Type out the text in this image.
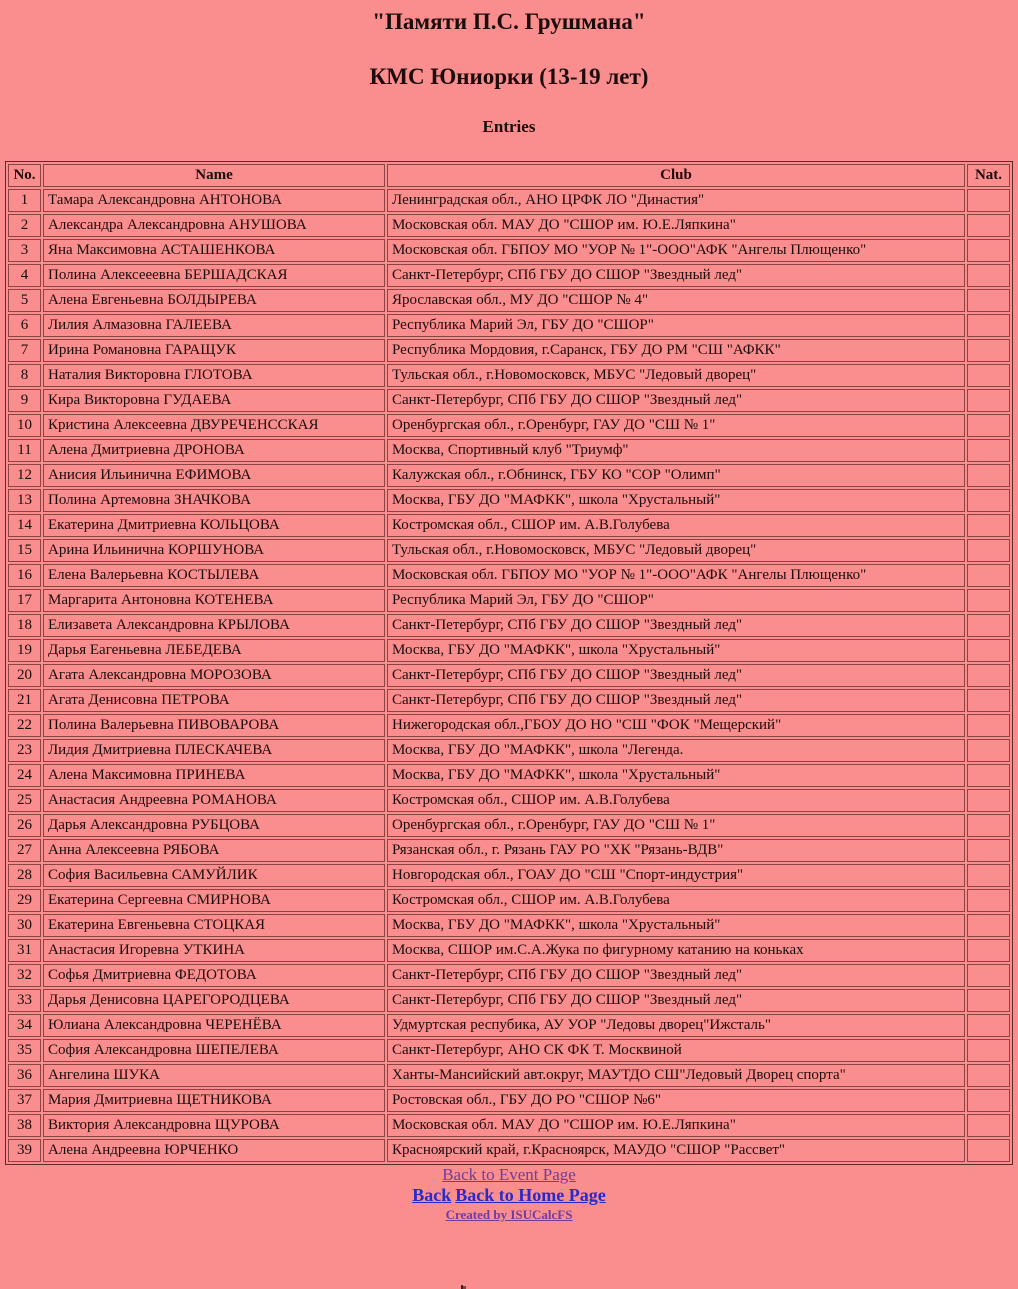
"Памяти П.С. Грушмана"
КМС Юниорки (13-19 лет)
Entries
No.	Name	Club	Nat.
1	Тамара Александровна АНТОНОВА	Ленинградская обл., АНО ЦРФК ЛО "Династия"	
2	Александра Александровна АНУШОВА	Московская обл. МАУ ДО "СШОР им. Ю.Е.Ляпкина"	
3	Яна Максимовна АСТАШЕНКОВА	Московская обл. ГБПОУ МО "УОР № 1"-ООО"АФК "Ангелы Плющенко"	
4	Полина Алексееевна БЕРШАДСКАЯ	Санкт-Петербург, СПб ГБУ ДО СШОР "Звездный лед"	
5	Алена Евгеньевна БОЛДЫРЕВА	Ярославская обл., МУ ДО "СШОР № 4"	
6	Лилия Алмазовна ГАЛЕЕВА	Республика Марий Эл, ГБУ ДО "СШОР"	
7	Ирина Романовна ГАРАЩУК	Республика Мордовия, г.Саранск, ГБУ ДО РМ "СШ "АФКК"	
8	Наталия Викторовна ГЛОТОВА	Тульская обл., г.Новомосковск, МБУС "Ледовый дворец"	
9	Кира Викторовна ГУДАЕВА	Санкт-Петербург, СПб ГБУ ДО СШОР "Звездный лед"	
10	Кристина Алексеевна ДВУРЕЧЕНССКАЯ	Оренбургская обл., г.Оренбург, ГАУ ДО "СШ № 1"	
11	Алена Дмитриевна ДРОНОВА	Москва, Спортивный клуб "Триумф"	
12	Анисия Ильинична ЕФИМОВА	Калужская обл., г.Обнинск, ГБУ КО "СОР "Олимп"	
13	Полина Артемовна ЗНАЧКОВА	Москва, ГБУ ДО "МАФКК", школа "Хрустальный"	
14	Екатерина Дмитриевна КОЛЬЦОВА	Костромская обл., СШОР им. А.В.Голубева	
15	Арина Ильинична КОРШУНОВА	Тульская обл., г.Новомосковск, МБУС "Ледовый дворец"	
16	Елена Валерьевна КОСТЫЛЕВА	Московская обл. ГБПОУ МО "УОР № 1"-ООО"АФК "Ангелы Плющенко"	
17	Маргарита Антоновна КОТЕНЕВА	Республика Марий Эл, ГБУ ДО "СШОР"	
18	Елизавета Александровна КРЫЛОВА	Санкт-Петербург, СПб ГБУ ДО СШОР "Звездный лед"	
19	Дарья Еагеньевна ЛЕБЕДЕВА	Москва, ГБУ ДО "МАФКК", школа "Хрустальный"	
20	Агата Александровна МОРОЗОВА	Санкт-Петербург, СПб ГБУ ДО СШОР "Звездный лед"	
21	Агата Денисовна ПЕТРОВА	Санкт-Петербург, СПб ГБУ ДО СШОР "Звездный лед"	
22	Полина Валерьевна ПИВОВАРОВА	Нижегородская обл.,ГБОУ ДО НО "СШ "ФОК "Мещерский"	
23	Лидия Дмитриевна ПЛЕСКАЧЕВА	Москва, ГБУ ДО "МАФКК", школа "Легенда.	
24	Алена Максимовна ПРИНЕВА	Москва, ГБУ ДО "МАФКК", школа "Хрустальный"	
25	Анастасия Андреевна РОМАНОВА	Костромская обл., СШОР им. А.В.Голубева	
26	Дарья Александровна РУБЦОВА	Оренбургская обл., г.Оренбург, ГАУ ДО "СШ № 1"	
27	Анна Алексеевна РЯБОВА	Рязанская обл., г. Рязань ГАУ РО "ХК "Рязань-ВДВ"	
28	София Васильевна САМУЙЛИК	Новгородская обл., ГОАУ ДО "СШ "Спорт-индустрия"	
29	Екатерина Сергеевна СМИРНОВА	Костромская обл., СШОР им. А.В.Голубева	
30	Екатерина Евгеньевна СТОЦКАЯ	Москва, ГБУ ДО "МАФКК", школа "Хрустальный"	
31	Анастасия Игоревна УТКИНА	Москва, СШОР им.С.А.Жука по фигурному катанию на коньках	
32	Софья Дмитриевна ФЕДОТОВА	Санкт-Петербург, СПб ГБУ ДО СШОР "Звездный лед"	
33	Дарья Денисовна ЦАРЕГОРОДЦЕВА	Санкт-Петербург, СПб ГБУ ДО СШОР "Звездный лед"	
34	Юлиана Александровна ЧЕРЕНЁВА	Удмуртская респубика, АУ УОР "Ледовы дворец"Ижсталь"	
35	София Александровна ШЕПЕЛЕВА	Санкт-Петербург, АНО СК ФК Т. Москвиной	
36	Ангелина ШУКА	Ханты-Мансийский авт.округ, МАУТДО СШ"Ледовый Дворец спорта"	
37	Мария Дмитриевна ЩЕТНИКОВА	Ростовская обл., ГБУ ДО РО "СШОР №6"	
38	Виктория Александровна ЩУРОВА	Московская обл. МАУ ДО "СШОР им. Ю.Е.Ляпкина"	
39	Алена Андреевна ЮРЧЕНКО	Красноярский край, г.Красноярск, МАУДО "СШОР "Рассвет"	

Back to Event Page

Back Back to Home Page

Created by ISUCalcFS
